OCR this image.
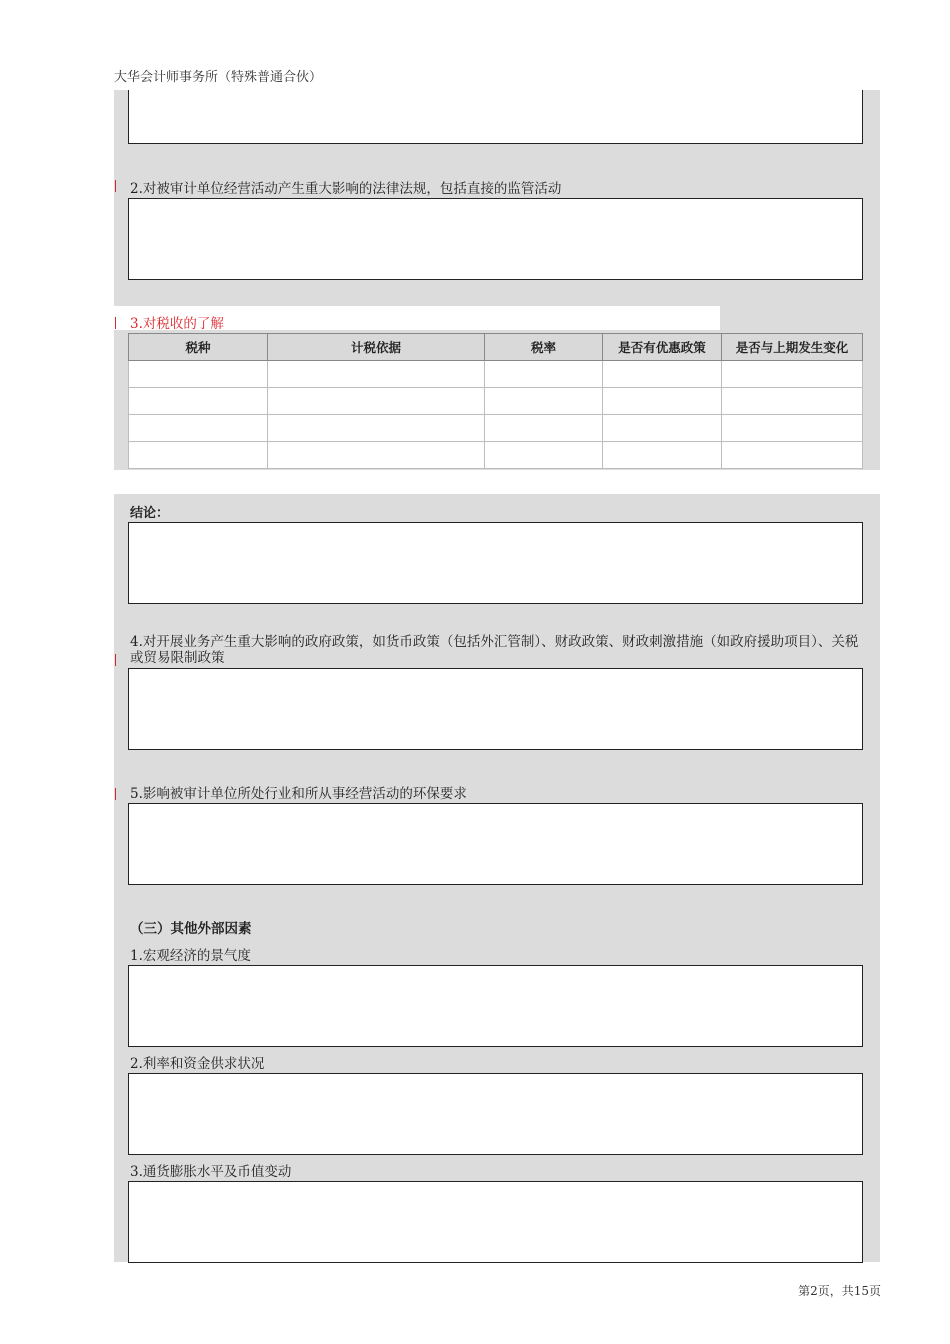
大华会计师事务所（特殊普通合伙）
2.对被审计单位经营活动产生重大影响的法律法规，包括直接的监管活动
3.对税收的了解
税种	计税依据	税率	是否有优惠政策	是否与上期发生变化

结论：
4.对开展业务产生重大影响的政府政策，如货币政策（包括外汇管制）、财政政策、财政刺激措施（如政府援助项目）、关税或贸易限制政策
5.影响被审计单位所处行业和所从事经营活动的环保要求
（三）其他外部因素
1.宏观经济的景气度
2.利率和资金供求状况
3.通货膨胀水平及币值变动
第2页，共15页
